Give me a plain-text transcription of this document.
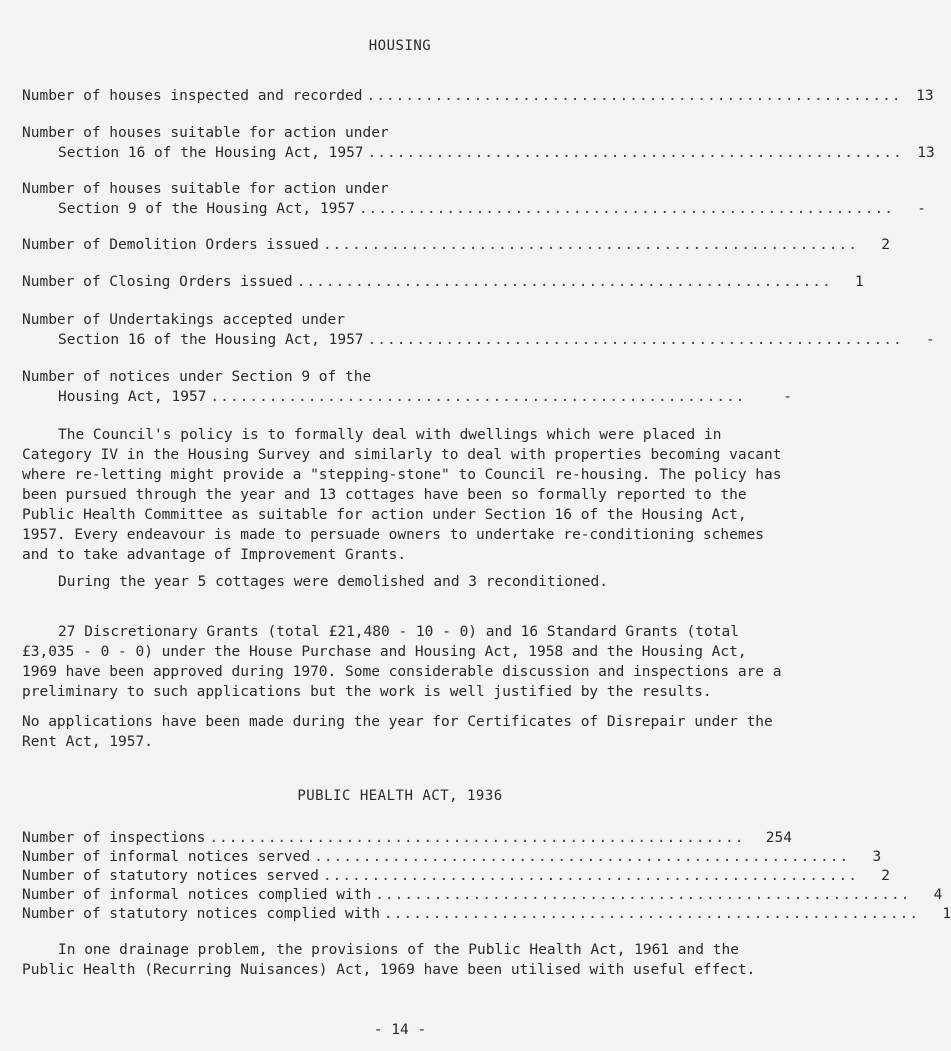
HOUSING
Number of houses inspected and recorded .......................................................	13
Number of houses suitable for action under
Section 16 of the Housing Act, 1957 .......................................................	13
Number of houses suitable for action under
Section 9 of the Housing Act, 1957 .......................................................	-
Number of Demolition Orders issued .......................................................	2
Number of Closing Orders issued .......................................................	1
Number of Undertakings accepted under
Section 16 of the Housing Act, 1957 .......................................................	-
Number of notices under Section 9 of the
Housing Act, 1957 .......................................................	-
The Council's policy is to formally deal with dwellings which were placed in Category IV in the Housing Survey and similarly to deal with properties becoming vacant where re-letting might provide a "stepping-stone" to Council re-housing. The policy has been pursued through the year and 13 cottages have been so formally reported to the Public Health Committee as suitable for action under Section 16 of the Housing Act, 1957. Every endeavour is made to persuade owners to undertake re-conditioning schemes and to take advantage of Improvement Grants.
During the year 5 cottages were demolished and 3 reconditioned.
27 Discretionary Grants (total £21,480 - 10 - 0) and 16 Standard Grants (total £3,035 - 0 - 0) under the House Purchase and Housing Act, 1958 and the Housing Act, 1969 have been approved during 1970. Some considerable discussion and inspections are a preliminary to such applications but the work is well justified by the results.
No applications have been made during the year for Certificates of Disrepair under the Rent Act, 1957.
PUBLIC HEALTH ACT, 1936
Number of inspections .......................................................	254
Number of informal notices served .......................................................	3
Number of statutory notices served .......................................................	2
Number of informal notices complied with .......................................................	4
Number of statutory notices complied with .......................................................	1
In one drainage problem, the provisions of the Public Health Act, 1961 and the Public Health (Recurring Nuisances) Act, 1969 have been utilised with useful effect.
- 14 -
